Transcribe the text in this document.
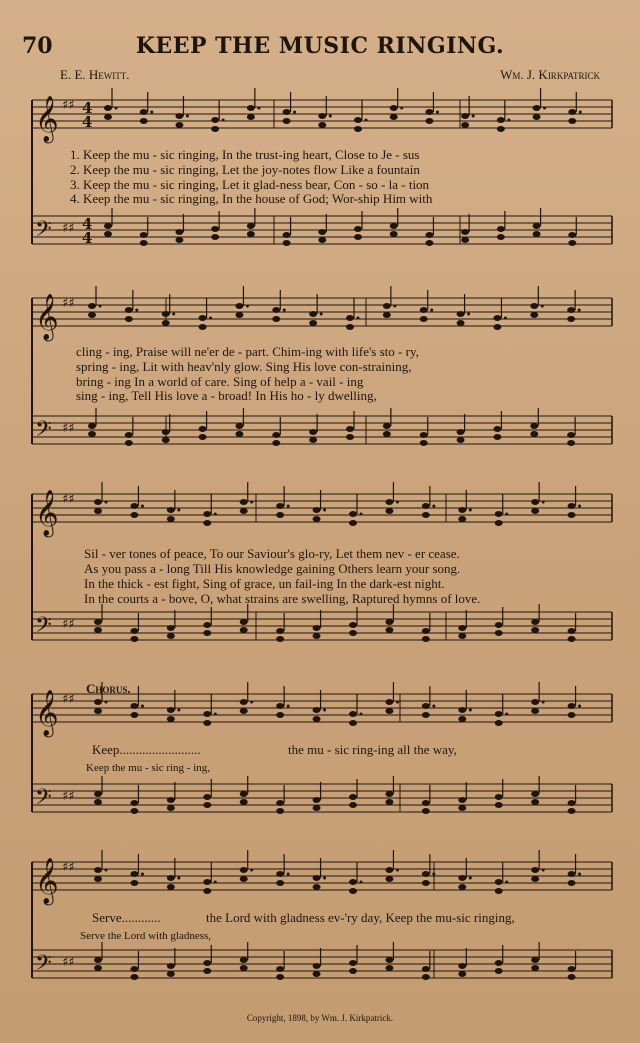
70	KEEP THE MUSIC RINGING.
E. E. Hewitt.	Wm. J. Kirkpatrick
𝄞 ♯♯ 4
4
𝄢 ♯♯ 4
4
𝄞 ♯♯
𝄢 ♯♯
𝄞 ♯♯
𝄢 ♯♯
𝄞 ♯♯
𝄢 ♯♯
𝄞 ♯♯
𝄢 ♯♯
1. Keep the mu - sic ringing, In the trust-ing heart, Close to Je - sus
2. Keep the mu - sic ringing, Let the joy-notes flow Like a fountain
3. Keep the mu - sic ringing, Let it glad-ness bear, Con - so - la - tion
4. Keep the mu - sic ringing, In the house of God; Wor-ship Him with
cling - ing, Praise will ne'er de - part. Chim-ing with life's sto - ry,
spring - ing, Lit with heav'nly glow. Sing His love con-straining,
bring - ing In a world of care. Sing of help a - vail - ing
sing - ing, Tell His love a - broad! In His ho - ly dwelling,
Sil - ver tones of peace, To our Saviour's glo-ry, Let them nev - er cease.
As you pass a - long Till His knowledge gaining Others learn your song.
In the thick - est fight, Sing of grace, un fail-ing In the dark-est night.
In the courts a - bove, O, what strains are swelling, Raptured hymns of love.
Chorus.
Keep.........................	the mu - sic ring-ing all the way,
Keep the mu - sic ring - ing,
Serve............	the Lord with gladness ev-'ry day, Keep the mu-sic ringing,
Serve the Lord with gladness,
Copyright, 1898, by Wm. J. Kirkpatrick.
